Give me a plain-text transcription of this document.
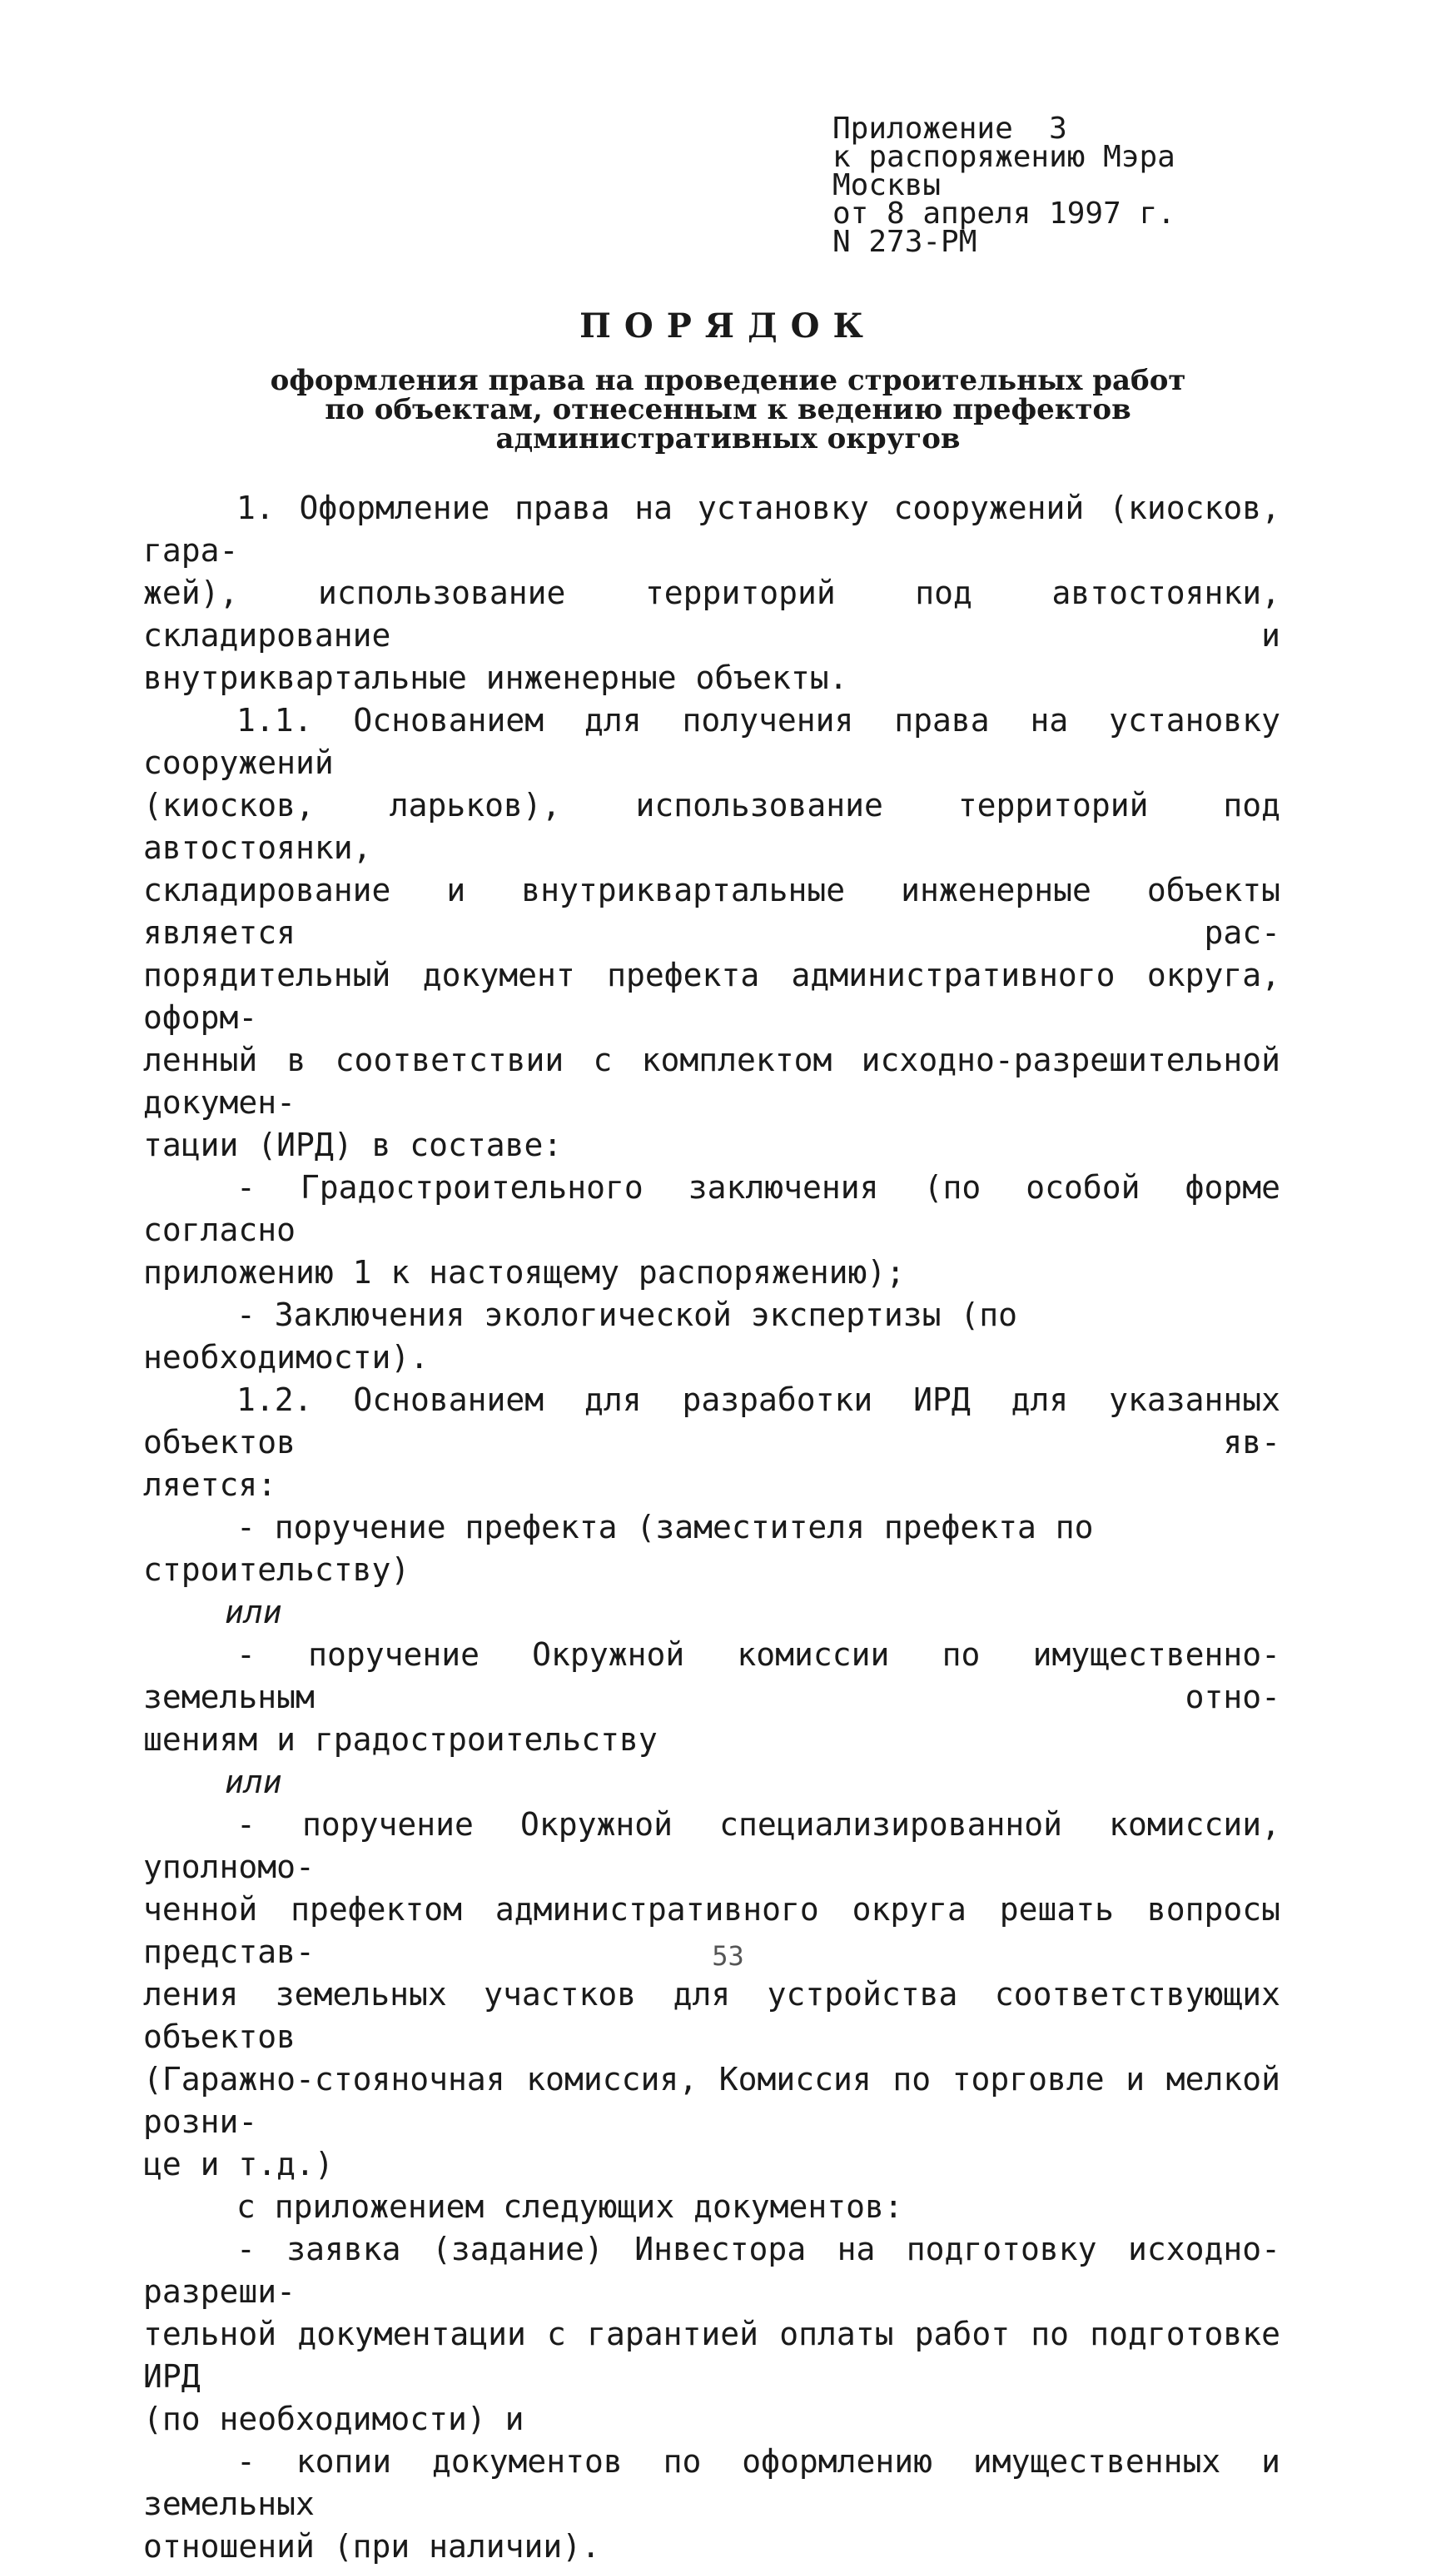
Приложение  3
к распоряжению Мэра
Москвы
от 8 апреля 1997 г.
N 273-РМ
ПОРЯДОК
оформления права на проведение строительных работ
по объектам, отнесенным к ведению префектов
административных округов

1. Оформление права на установку сооружений (киосков, гара-

жей), использование территорий под автостоянки, складирование и

внутриквартальные инженерные объекты.

1.1. Основанием для получения права на установку сооружений

(киосков, ларьков), использование территорий под автостоянки,

складирование и внутриквартальные инженерные объекты является рас-

порядительный документ префекта административного округа, оформ-

ленный в соответствии с комплектом исходно-разрешительной докумен-

тации (ИРД) в составе:

- Градостроительного заключения (по особой форме согласно

приложению 1 к настоящему распоряжению);

- Заключения экологической экспертизы (по необходимости).

1.2. Основанием для разработки ИРД для указанных объектов яв-

ляется:

- поручение префекта (заместителя префекта по строительству)

или

- поручение Окружной комиссии по имущественно-земельным отно-

шениям и градостроительству

или

- поручение Окружной специализированной комиссии, уполномо-

ченной префектом административного округа решать вопросы представ-

ления земельных участков для устройства соответствующих объектов

(Гаражно-стояночная комиссия, Комиссия по торговле и мелкой розни-

це и т.д.)

с приложением следующих документов:

- заявка (задание) Инвестора на подготовку исходно-разреши-

тельной документации с гарантией оплаты работ по подготовке ИРД

(по необходимости) и

- копии документов по оформлению имущественных и земельных

отношений (при наличии).

53
